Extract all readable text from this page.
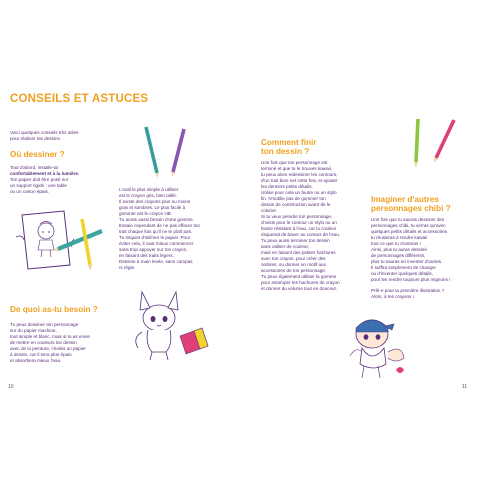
CONSEILS ET ASTUCES
Voici quelques conseils très utiles
pour réaliser tes dessins.
Où dessiner ?
Tout d'abord, installe-toi
confortablement et à la lumière.
Ton papier doit être posé sur
un support rigide : une table
ou un carton épais.	L'outil le plus simple à utiliser
est le crayon gris, bien taillé.
Il existe des crayons plus ou moins
gras et sombres. Le plus facile à
gommer est le crayon HB.
Tu auras aussi besoin d'une gomme.
Essaie cependant de ne pas effacer ton
trait chaque fois qu'il ne te plaît pas.
Tu risques d'abîmer le papier. Pour
éviter cela, il vaut mieux commencer
sans trop appuyer sur ton crayon,
en faisant des traits légers.
Dessine à main levée, sans compas
ni règle.
De quoi as-tu besoin ?
Tu peux dessiner ton personnage
sur du papier machine,
tout simple et blanc, mais si tu as envie
de mettre en couleurs ton dessin
avec de la peinture, choisis un papier
à dessin, car il sera plus épais
et absorbera mieux l'eau.
10
Comment finir
ton dessin ?
Une fois que ton personnage est
terminé et que tu le trouves kawaii,
tu peux alors redessiner les contours,
d'un trait bien net cette fois, et ajouter
les derniers petits détails.
Utilise pour cela un feutre ou un stylo
fin. N'oublie pas de gommer ton
dessin de construction avant de le
colorier.
Si tu veux peindre ton personnage,
choisis pour le contour un stylo ou un
feutre résistant à l'eau, car la couleur
risquerait de baver au contact de l'eau.
Tu peux aussi terminer ton dessin
sans utiliser de couleur,
mais en faisant des petites hachures
avec ton crayon, pour créer des
ombres, ou donner un motif aux
accessoires de ton personnage.
Tu peux également utiliser la gomme
pour estomper tes hachures de crayon
et donner du volume tout en douceur.
Imaginer d'autres
personnages chibi ?
Une fois que tu sauras dessiner des
personnages chibi, tu verras qu'avec
quelques petits détails et accessoires
tu réussiras à rendre kawaii
tout ce que tu choisiras !
Ainsi, plus tu auras dessiné
de personnages différents,
plus tu sauras en inventer d'autres.
Il suffira simplement de changer
ou d'inventer quelques détails,
pour les rendre toujours plus mignons !
Prêt·e pour ta première illustration ?
Alors, à tes crayons !
11
